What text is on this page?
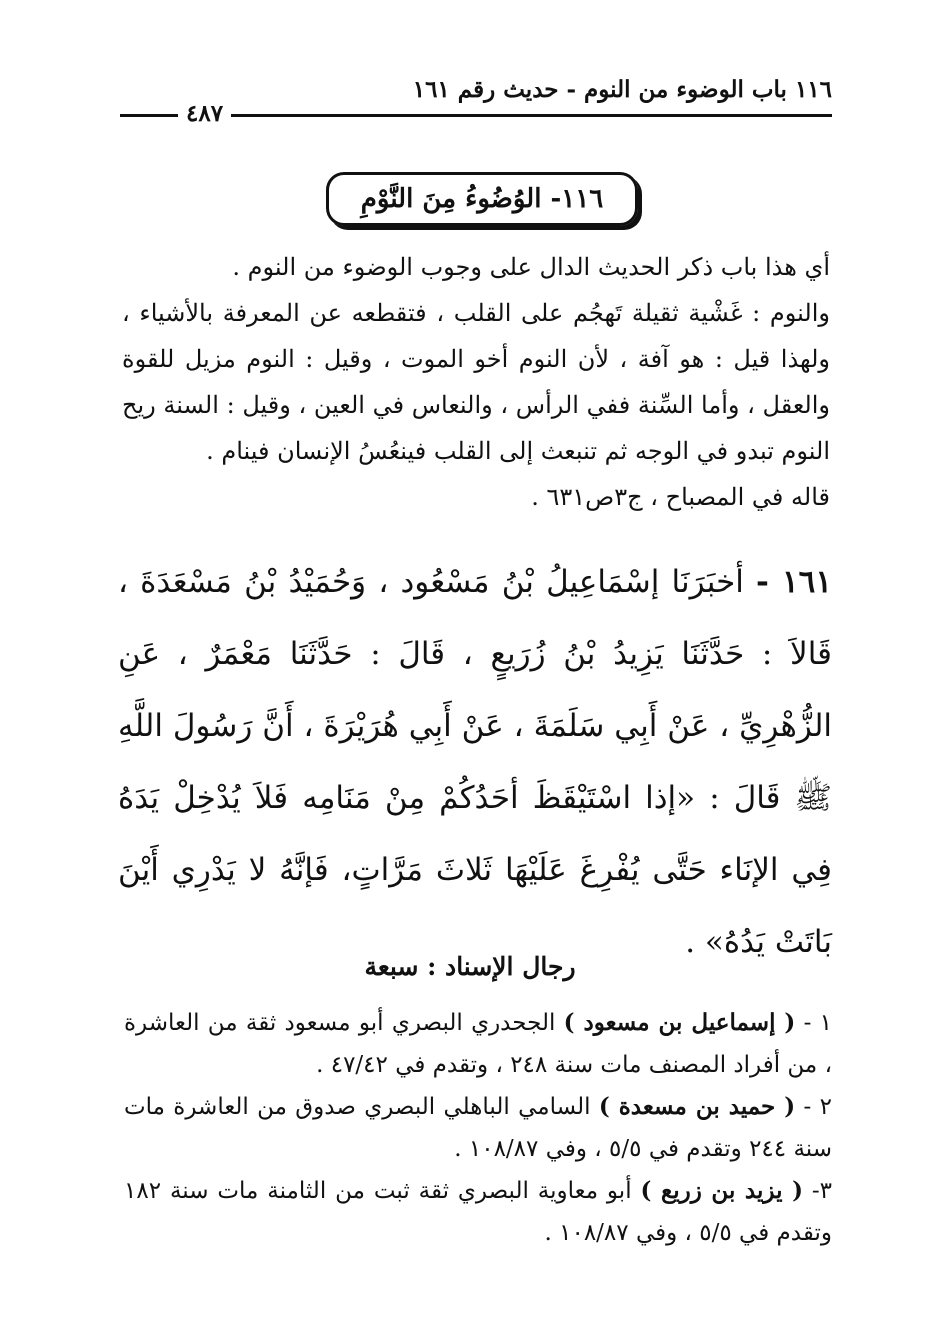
١١٦ باب الوضوء من النوم - حديث رقم ١٦١
٤٨٧
١١٦- الوُضُوءُ مِنَ النَّوْمِ

أي هذا باب ذكر الحديث الدال على وجوب الوضوء من النوم .

والنوم : غَشْية ثقيلة تَهجُم على القلب ، فتقطعه عن المعرفة بالأشياء ، ولهذا قيل : هو آفة ، لأن النوم أخو الموت ، وقيل : النوم مزيل للقوة والعقل ، وأما السِّنة ففي الرأس ، والنعاس في العين ، وقيل : السنة ريح النوم تبدو في الوجه ثم تنبعث إلى القلب فينعُسُ الإنسان فينام .

قاله في المصباح ، ج٣ص٦٣١ .

١٦١ - أخبَرَنَا إسْمَاعِيلُ بْنُ مَسْعُود ، وَحُمَيْدُ بْنُ مَسْعَدَةَ ، قَالاَ : حَدَّثَنَا يَزِيدُ بْنُ زُرَيعٍ ، قَالَ : حَدَّثَنَا مَعْمَرٌ ، عَنِ الزُّهْرِيِّ ، عَنْ أَبِي سَلَمَةَ ، عَنْ أَبِي هُرَيْرَةَ ، أَنَّ رَسُولَ اللَّهِ ﷺ قَالَ : «إذا اسْتَيْقَظَ أحَدُكُمْ مِنْ مَنَامِه فَلاَ يُدْخِلْ يَدَهُ فِي الإنَاء حَتَّى يُفْرِغَ عَلَيْهَا ثَلاثَ مَرَّاتٍ، فَإنَّهُ لا يَدْرِي أَيْنَ بَاتَتْ يَدُهُ» .

رجال الإسناد : سبعة

١ - ( إسماعيل بن مسعود ) الجحدري البصري أبو مسعود ثقة من العاشرة ، من أفراد المصنف مات سنة ٢٤٨ ، وتقدم في ٤٧/٤٢ .

٢ - ( حميد بن مسعدة ) السامي الباهلي البصري صدوق من العاشرة مات سنة ٢٤٤ وتقدم في ٥/٥ ، وفي ١٠٨/٨٧ .

٣- ( يزيد بن زريع ) أبو معاوية البصري ثقة ثبت من الثامنة مات سنة ١٨٢ وتقدم في ٥/٥ ، وفي ١٠٨/٨٧ .
